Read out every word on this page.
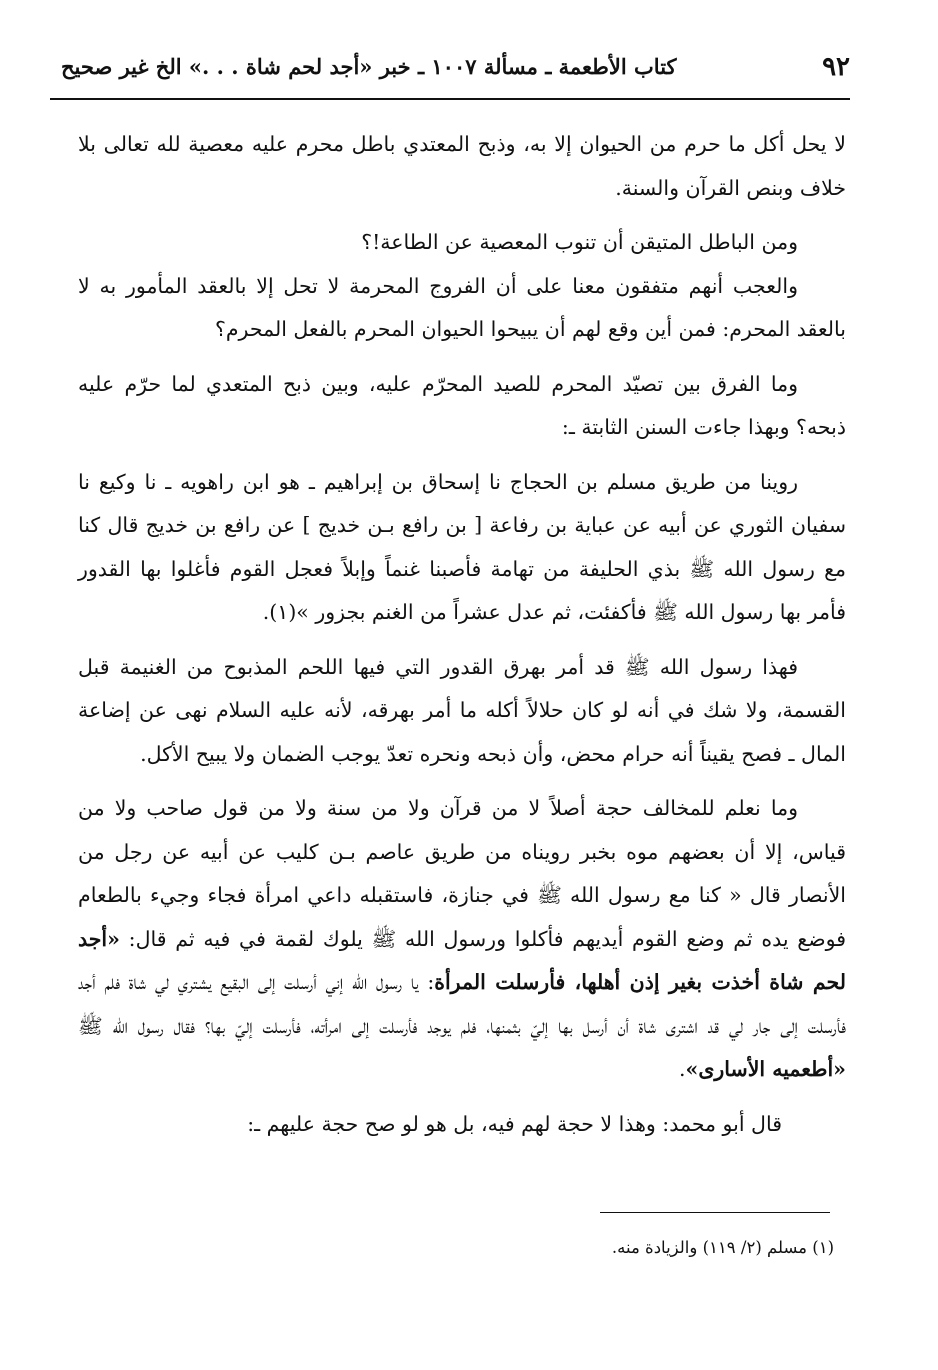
٩٢
كتاب الأطعمة ـ مسألة ١٠٠٧ ـ خبر «أجد لحم شاة . . .» الخ غير صحيح

لا يحل أكل ما حرم من الحيوان إلا به، وذبح المعتدي باطل محرم عليه معصية لله تعالى بلا خلاف وبنص القرآن والسنة.

ومن الباطل المتيقن أن تنوب المعصية عن الطاعة!؟

والعجب أنهم متفقون معنا على أن الفروج المحرمة لا تحل إلا بالعقد المأمور به لا بالعقد المحرم: فمن أين وقع لهم أن يبيحوا الحيوان المحرم بالفعل المحرم؟

وما الفرق بين تصيّد المحرم للصيد المحرّم عليه، وبين ذبح المتعدي لما حرّم عليه ذبحه؟ وبهذا جاءت السنن الثابتة ـ:

روينا من طريق مسلم بن الحجاج نا إسحاق بن إبراهيم ـ هو ابن راهويه ـ نا وكيع نا سفيان الثوري عن أبيه عن عباية بن رفاعة [ بن رافع بـن خديج ] عن رافع بن خديج قال كنا مع رسول الله ﷺ بذي الحليفة من تهامة فأصبنا غنماً وإبلاً فعجل القوم فأغلوا بها القدور فأمر بها رسول الله ﷺ فأكفئت، ثم عدل عشراً من الغنم بجزور »(١).

فهذا رسول الله ﷺ قد أمر بهرق القدور التي فيها اللحم المذبوح من الغنيمة قبل القسمة، ولا شك في أنه لو كان حلالاً أكله ما أمر بهرقه، لأنه عليه السلام نهى عن إضاعة المال ـ فصح يقيناً أنه حرام محض، وأن ذبحه ونحره تعدّ يوجب الضمان ولا يبيح الأكل.

وما نعلم للمخالف حجة أصلاً لا من قرآن ولا من سنة ولا من قول صاحب ولا من قياس، إلا أن بعضهم موه بخبر رويناه من طريق عاصم بـن كليب عن أبيه عن رجل من الأنصار قال « كنا مع رسول الله ﷺ في جنازة، فاستقبله داعي امرأة فجاء وجيء بالطعام فوضع يده ثم وضع القوم أيديهم فأكلوا ورسول الله ﷺ يلوك لقمة في فيه ثم قال: «أجد لحم شاة أخذت بغير إذن أهلها، فأرسلت المرأة: يا رسول الله إني أرسلت إلى البقيع يشتري لي شاة فلم أجد فأرسلت إلى جار لي قد اشترى شاة أن أرسل بها إليّ بثمنها، فلم يوجد فأرسلت إلى امرأته، فأرسلت إليّ بها؟ فقال رسول الله ﷺ «أطعميه الأسارى».

قال أبو محمد: وهذا لا حجة لهم فيه، بل هو لو صح حجة عليهم ـ:

(١) مسلم (٢/ ١١٩) والزيادة منه.
